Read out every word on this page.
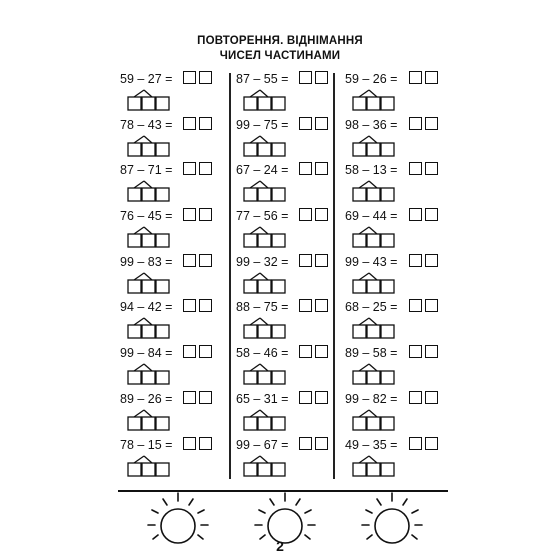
ПОВТОРЕННЯ. ВІДНІМАННЯ
ЧИСЕЛ ЧАСТИНАМИ
59 – 27 =
78 – 43 =
87 – 71 =
76 – 45 =
99 – 83 =
94 – 42 =
99 – 84 =
89 – 26 =
78 – 15 =
87 – 55 =
99 – 75 =
67 – 24 =
77 – 56 =
99 – 32 =
88 – 75 =
58 – 46 =
65 – 31 =
99 – 67 =
59 – 26 =
98 – 36 =
58 – 13 =
69 – 44 =
99 – 43 =
68 – 25 =
89 – 58 =
99 – 82 =
49 – 35 =
2
